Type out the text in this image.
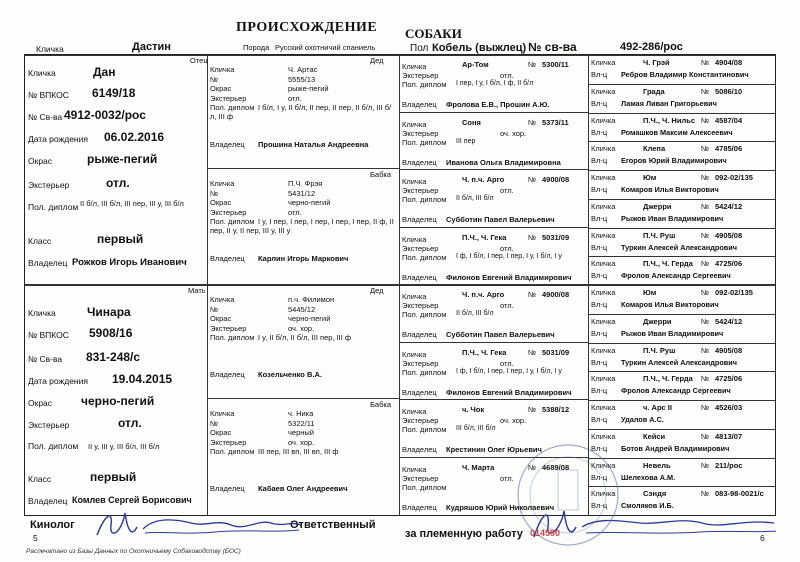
ПРОИСХОЖДЕНИЕ СОБАКИ
Кличка	Дастин	Порода Русский охотничий спаниель	Пол Кобель (выжлец) № св-ва	492-286/рос
Отец
Кличка	Дан
№ ВПКОС 6149/18
№ Св-ва 4912-0032/рос
Дата рождения 06.02.2016
Окрас	рыже-пегий
Экстерьер	отл.
Пол. диплом II б/л, III б/л, III пер, III у, III б/л
Класс	первый
Владелец Рожков Игорь Иванович
Мать
Кличка	Чинара
№ ВПКОС 5908/16
№ Св-ва 831-248/с
Дата рождения 19.04.2015
Окрас черно-пегий
Экстерьер	отл.
Пол. диплом II у, III у, III б/л, III б/л
Класс	первый
Владелец Комлев Сергей Борисович
Дед
Кличка	Ч. Артас
№	5555/13
Окрас	рыже-пегий
Экстерьер	отл.
Пол. диплом I б/л, I у, II б/л, II пер, II пер, II б/л, III б/л, III ф
Владелец Прошина Наталья Андреевна
Бабка
Кличка	П.Ч. Фрэя
№	5431/12
Окрас	черно-пегий
Экстерьер	отл.
Пол. диплом I у, I пер, I пер, I пер, I пер, I пер, II ф, II пер, II у, II пер, III у, III у
Владелец Карлин Игорь Маркович
Дед
Кличка	п.ч. Филимон
№	5445/12
Окрас	черно-пегий
Экстерьер	оч. хор.
Пол. диплом I у, II б/л, II б/л, III пер, III ф
Владелец Козельченко В.А.
Бабка
Кличка	ч. Ника
№	5322/11
Окрас	черный
Экстерьер	оч. хор.
Пол. диплом III пер, III вп, III вп, III ф
Владелец Кабаев Олег Андреевич
Кличка	Ар-Том	№ 5300/11
Экстерьер	отл.
Пол. диплом I пер, I у, I б/л, I ф, II б/л
Владелец Фролова Е.В., Прошин А.Ю.
Кличка	Соня	№ 5373/11
Экстерьер	оч. хор.
Пол. диплом III пер
Владелец Иванова Ольга Владимировна
Кличка	Ч. п.ч. Арго	№ 4900/08
Экстерьер	отл.
Пол. диплом II б/л, III б/л
Владелец Субботин Павел Валерьевич
Кличка	П.Ч., Ч. Гека	№ 5031/09
Экстерьер	отл.
Пол. диплом I ф, I б/л, I пер, I пер, I у, I б/л, I у
Владелец Филонов Евгений Владимирович
Кличка	Ч. п.ч. Арго	№ 4900/08
Экстерьер	отл.
Пол. диплом II б/л, III б/л
Владелец Субботин Павел Валерьевич
Кличка	П.Ч., Ч. Гека	№ 5031/09
Экстерьер	отл.
Пол. диплом I ф, I б/л, I пер, I пер, I у, I б/л, I у
Владелец Филонов Евгений Владимирович
Кличка	ч. Чок	№ 5388/12
Экстерьер	оч. хор.
Пол. диплом III б/л, III б/л
Владелец Крестинин Олег Юрьевич
Кличка	Ч. Марта	№ 4689/08
Экстерьер	отл.
Пол. диплом
Владелец Кудряшов Юрий Николаевич
Кличка	Ч. Грэй	№ 4904/08
Вл-ц Ребров Владимир Константинович
Кличка	Града	№ 5086/10
Вл-ц Ламая Ливан Григорьевич
Кличка	П.Ч., Ч. Нильс № 4587/04
Вл-ц Ромашков Максим Алексеевич
Кличка	Клепа	№ 4785/06
Вл-ц Егоров Юрий Владимирович
Кличка	Юм	№ 092-02/135
Вл-ц Комаров Илья Викторович
Кличка	Джерри	№ 5424/12
Вл-ц Рыжов Иван Владимирович
Кличка	П.Ч. Руш	№ 4905/08
Вл-ц Туркин Алексей Александрович
Кличка	П.Ч., Ч. Герда № 4725/06
Вл-ц Фролов Александр Сергеевич
Кличка	Юм	№ 092-02/135
Вл-ц Комаров Илья Викторович
Кличка	Джерри	№ 5424/12
Вл-ц Рыжов Иван Владимирович
Кличка	П.Ч. Руш	№ 4905/08
Вл-ц Туркин Алексей Александрович
Кличка	П.Ч., Ч. Герда № 4725/06
Вл-ц Фролов Александр Сергеевич
Кличка	ч. Арс II	№ 4526/03
Вл-ц Удалов А.С.
Кличка	Кейси	№ 4813/07
Вл-ц Ботов Андрей Владимирович
Кличка	Невель	№ 211/рос
Вл-ц Шелехова А.М.
Кличка	Сэндя	№ 083-98-0021/с
Вл-ц Смоляков И.Б.
Кинолог	Ответственный
за племенную работу
5	6
Распечатано из Базы Данных по Охотничьему Собаководству (БОС)
014590
